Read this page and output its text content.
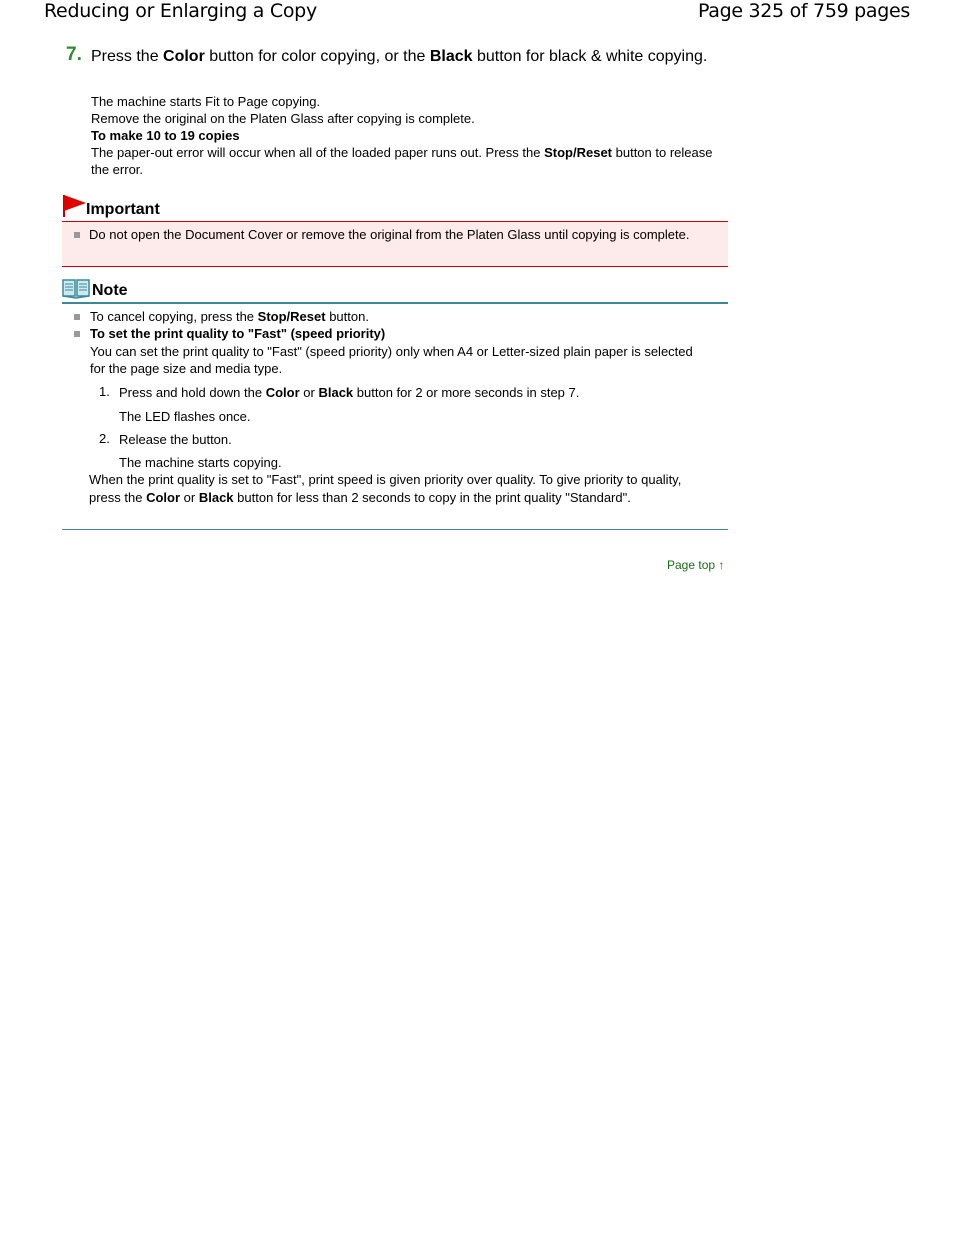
Reducing or Enlarging a Copy	Page 325 of 759 pages
7. Press the Color button for color copying, or the Black button for black & white copying.
The machine starts Fit to Page copying.
Remove the original on the Platen Glass after copying is complete.
To make 10 to 19 copies
The paper-out error will occur when all of the loaded paper runs out. Press the Stop/Reset button to release the error.
Important
Do not open the Document Cover or remove the original from the Platen Glass until copying is complete.
Note
To cancel copying, press the Stop/Reset button.
To set the print quality to "Fast" (speed priority)
You can set the print quality to "Fast" (speed priority) only when A4 or Letter-sized plain paper is selected for the page size and media type.
1. Press and hold down the Color or Black button for 2 or more seconds in step 7.
The LED flashes once.
2. Release the button.
The machine starts copying.
When the print quality is set to "Fast", print speed is given priority over quality. To give priority to quality, press the Color or Black button for less than 2 seconds to copy in the print quality "Standard".
Page top ↑
